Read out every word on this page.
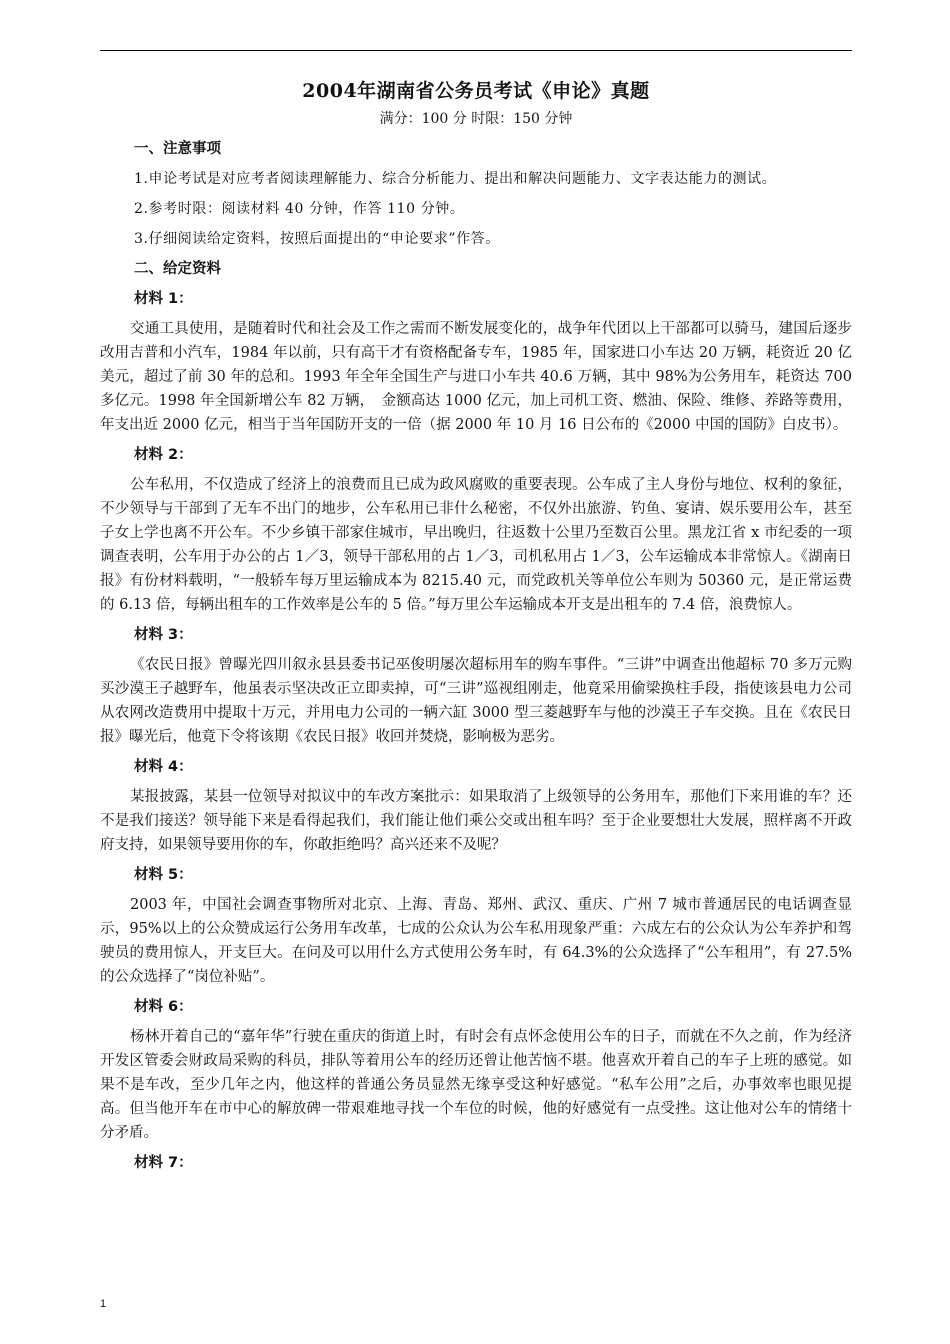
2004年湖南省公务员考试《申论》真题
满分：100 分 时限：150 分钟
一、注意事项
1.申论考试是对应考者阅读理解能力、综合分析能力、提出和解决问题能力、文字表达能力的测试。
2.参考时限：阅读材料 40 分钟，作答 110 分钟。
3.仔细阅读给定资料，按照后面提出的“申论要求”作答。
二、给定资料
材料 1：
交通工具使用，是随着时代和社会及工作之需而不断发展变化的，战争年代团以上干部都可以骑马，建国后逐步改用吉普和小汽车，1984 年以前，只有高干才有资格配备专车，1985 年，国家进口小车达 20 万辆，耗资近 20 亿美元，超过了前 30 年的总和。1993 年全年全国生产与进口小车共 40.6 万辆，其中 98%为公务用车，耗资达 700 多亿元。1998 年全国新增公车 82 万辆，　金额高达 1000 亿元，加上司机工资、燃油、保险、维修、养路等费用，年支出近 2000 亿元，相当于当年国防开支的一倍（据 2000 年 10 月 16 日公布的《2000 中国的国防》白皮书）。
材料 2：
公车私用，不仅造成了经济上的浪费而且已成为政风腐败的重要表现。公车成了主人身份与地位、权利的象征，不少领导与干部到了无车不出门的地步，公车私用已非什么秘密，不仅外出旅游、钓鱼、宴请、娱乐要用公车，甚至子女上学也离不开公车。不少乡镇干部家住城市，早出晚归，往返数十公里乃至数百公里。黑龙江省 x 市纪委的一项调查表明，公车用于办公的占 1／3，领导干部私用的占 1／3，司机私用占 1／3，公车运输成本非常惊人。《湖南日报》有份材料载明，“一般轿车每万里运输成本为 8215.40 元，而党政机关等单位公车则为 50360 元，是正常运费的 6.13 倍，每辆出租车的工作效率是公车的 5 倍。”每万里公车运输成本开支是出租车的 7.4 倍，浪费惊人。
材料 3：
《农民日报》曾曝光四川叙永县县委书记巫俊明屡次超标用车的购车事件。“三讲”中调查出他超标 70 多万元购买沙漠王子越野车，他虽表示坚决改正立即卖掉，可“三讲”巡视组刚走，他竟采用偷梁换柱手段，指使该县电力公司从农网改造费用中提取十万元，并用电力公司的一辆六缸 3000 型三菱越野车与他的沙漠王子车交换。且在《农民日报》曝光后，他竟下令将该期《农民日报》收回并焚烧，影响极为恶劣。
材料 4：
某报披露，某县一位领导对拟议中的车改方案批示：如果取消了上级领导的公务用车，那他们下来用谁的车？还不是我们接送？领导能下来是看得起我们，我们能让他们乘公交或出租车吗？至于企业要想壮大发展，照样离不开政府支持，如果领导要用你的车，你敢拒绝吗？高兴还来不及呢？
材料 5：
2003 年，中国社会调查事物所对北京、上海、青岛、郑州、武汉、重庆、广州 7 城市普通居民的电话调查显示，95%以上的公众赞成运行公务用车改革，七成的公众认为公车私用现象严重：六成左右的公众认为公车养护和驾驶员的费用惊人，开支巨大。在问及可以用什么方式使用公务车时，有 64.3%的公众选择了“公车租用”，有 27.5%的公众选择了“岗位补贴”。
材料 6：
杨林开着自己的“嘉年华”行驶在重庆的街道上时，有时会有点怀念使用公车的日子，而就在不久之前，作为经济开发区管委会财政局采购的科员，排队等着用公车的经历还曾让他苦恼不堪。他喜欢开着自己的车子上班的感觉。如果不是车改，至少几年之内，他这样的普通公务员显然无缘享受这种好感觉。“私车公用”之后，办事效率也眼见提高。但当他开车在市中心的解放碑一带艰难地寻找一个车位的时候，他的好感觉有一点受挫。这让他对公车的情绪十分矛盾。
材料 7：
1
